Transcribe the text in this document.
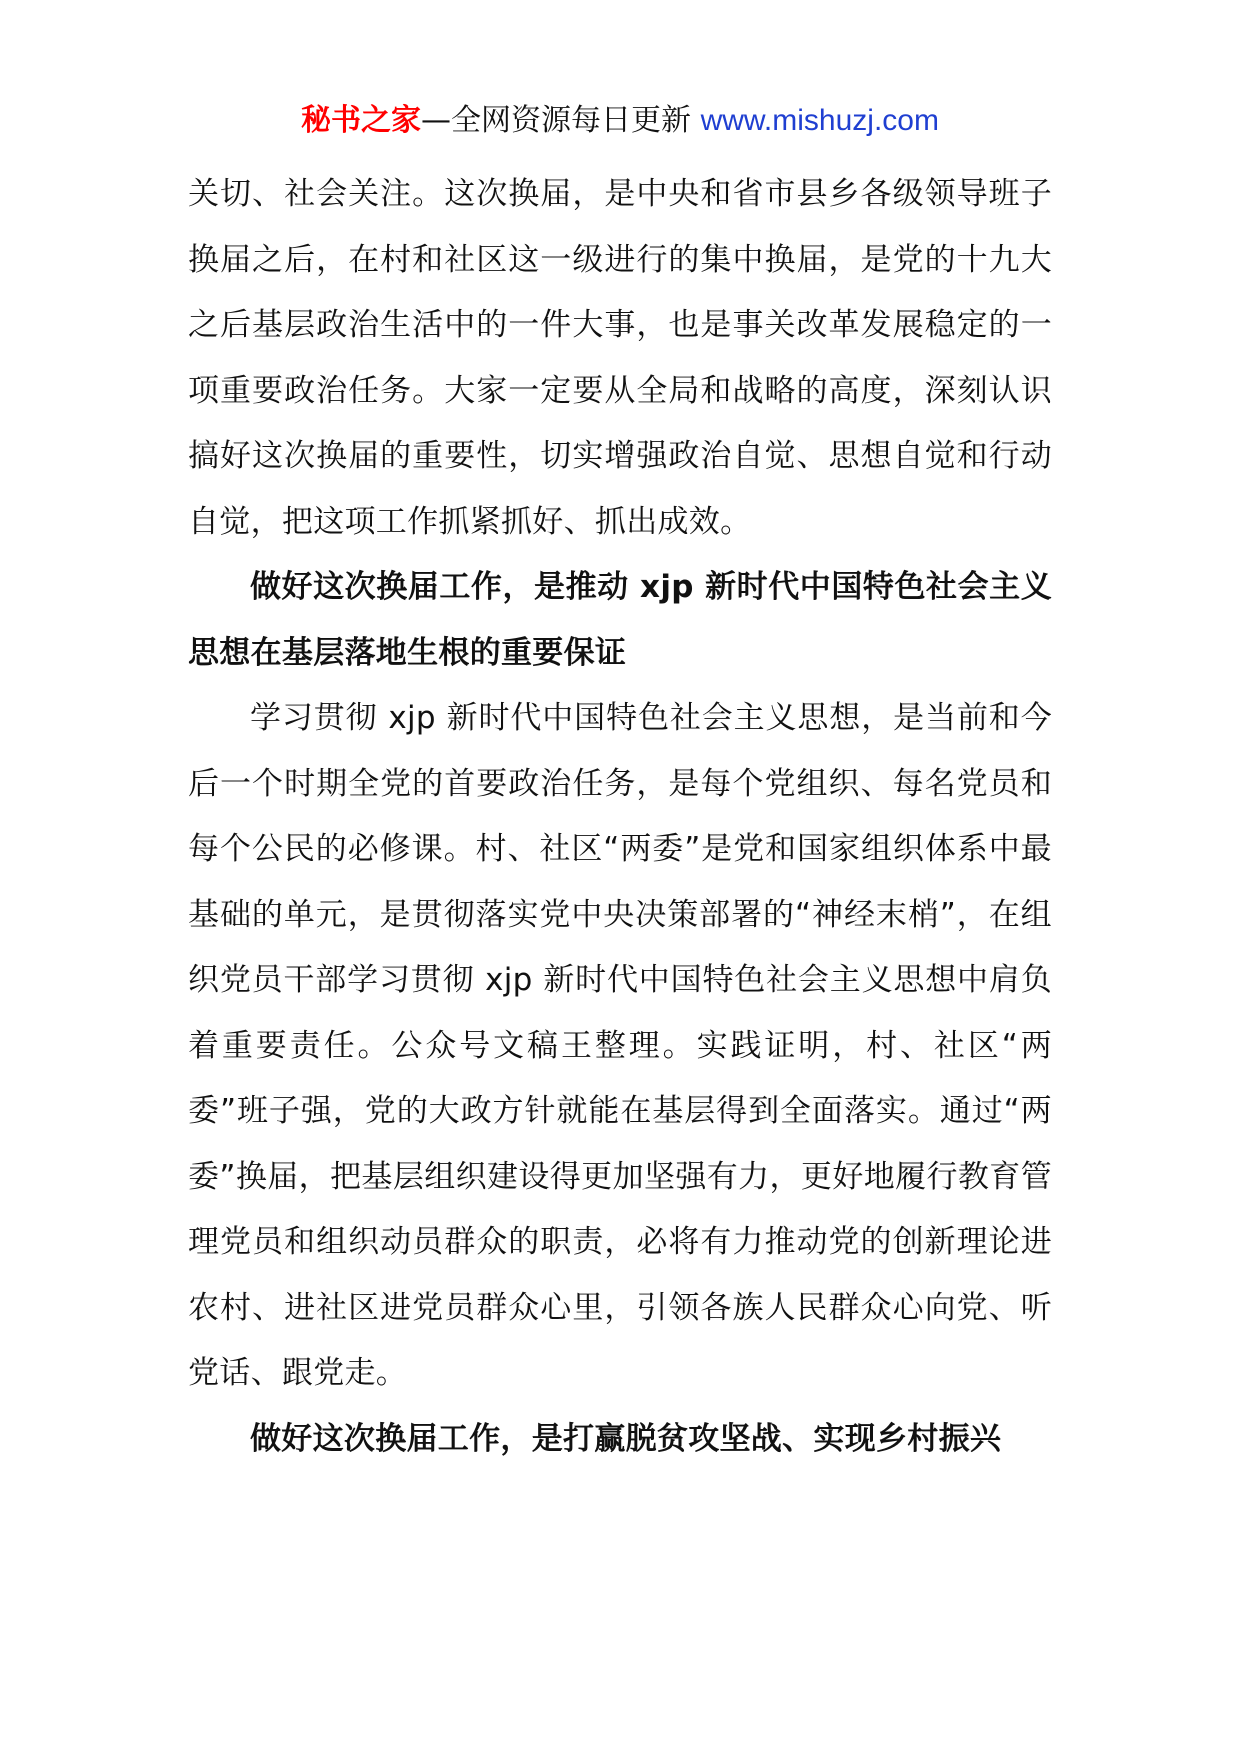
秘书之家—全网资源每日更新 www.mishuzj.com

关切、社会关注。这次换届，是中央和省市县乡各级领导班子换届之后，在村和社区这一级进行的集中换届，是党的十九大之后基层政治生活中的一件大事，也是事关改革发展稳定的一项重要政治任务。大家一定要从全局和战略的高度，深刻认识搞好这次换届的重要性，切实增强政治自觉、思想自觉和行动自觉，把这项工作抓紧抓好、抓出成效。

做好这次换届工作，是推动 xjp 新时代中国特色社会主义思想在基层落地生根的重要保证

学习贯彻 xjp 新时代中国特色社会主义思想，是当前和今后一个时期全党的首要政治任务，是每个党组织、每名党员和每个公民的必修课。村、社区“两委”是党和国家组织体系中最基础的单元，是贯彻落实党中央决策部署的“神经末梢”，在组织党员干部学习贯彻 xjp 新时代中国特色社会主义思想中肩负着重要责任。公众号文稿王整理。实践证明，村、社区“两委”班子强，党的大政方针就能在基层得到全面落实。通过“两委”换届，把基层组织建设得更加坚强有力，更好地履行教育管理党员和组织动员群众的职责，必将有力推动党的创新理论进农村、进社区进党员群众心里，引领各族人民群众心向党、听党话、跟党走。

做好这次换届工作，是打赢脱贫攻坚战、实现乡村振兴
